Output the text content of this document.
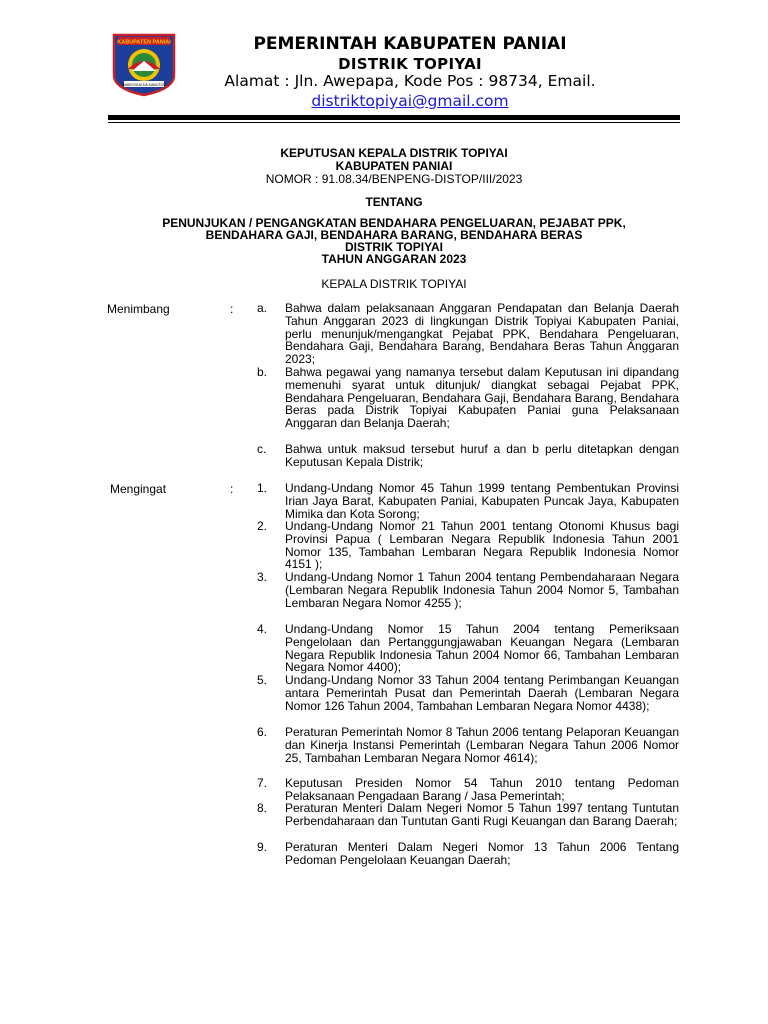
KABUPATEN PANIAI
AMBIYOKAI DA KABUTOU
PEMERINTAH KABUPATEN PANIAI
DISTRIK TOPIYAI
Alamat : Jln. Awepapa, Kode Pos : 98734, Email.
distriktopiyai@gmail.com
KEPUTUSAN KEPALA DISTRIK TOPIYAI
KABUPATEN PANIAI
NOMOR : 91.08.34/BENPENG-DISTOP/III/2023
TENTANG
PENUNJUKAN / PENGANGKATAN BENDAHARA PENGELUARAN, PEJABAT PPK,
BENDAHARA GAJI, BENDAHARA BARANG, BENDAHARA BERAS
DISTRIK TOPIYAI
TAHUN ANGGARAN 2023
KEPALA DISTRIK TOPIYAI
Menimbang	: a. Bahwa dalam pelaksanaan Anggaran Pendapatan dan Belanja Daerah Tahun Anggaran 2023 di lingkungan Distrik Topiyai Kabupaten Paniai, perlu menunjuk/mengangkat Pejabat PPK, Bendahara Pengeluaran, Bendahara Gaji, Bendahara Barang, Bendahara Beras Tahun Anggaran 2023;
b. Bahwa pegawai yang namanya tersebut dalam Keputusan ini dipandang memenuhi syarat untuk ditunjuk/ diangkat sebagai Pejabat PPK, Bendahara Pengeluaran, Bendahara Gaji, Bendahara Barang, Bendahara Beras pada Distrik Topiyai Kabupaten Paniai guna Pelaksanaan Anggaran dan Belanja Daerah;
c. Bahwa untuk maksud tersebut huruf a dan b perlu ditetapkan dengan Keputusan Kepala Distrik;
Mengingat	: 1. Undang-Undang Nomor 45 Tahun 1999 tentang Pembentukan Provinsi Irian Jaya Barat, Kabupaten Paniai, Kabupaten Puncak Jaya, Kabupaten Mimika dan Kota Sorong;
2. Undang-Undang Nomor 21 Tahun 2001 tentang Otonomi Khusus bagi Provinsi Papua ( Lembaran Negara Republik Indonesia Tahun 2001 Nomor 135, Tambahan Lembaran Negara Republik Indonesia Nomor 4151 );
3. Undang-Undang Nomor 1 Tahun 2004 tentang Pembendaharaan Negara (Lembaran Negara Republik Indonesia Tahun 2004 Nomor 5, Tambahan Lembaran Negara Nomor 4255 );
4. Undang-Undang Nomor 15 Tahun 2004 tentang Pemeriksaan Pengelolaan dan Pertanggungjawaban Keuangan Negara (Lembaran Negara Republik Indonesia Tahun 2004 Nomor 66, Tambahan Lembaran Negara Nomor 4400);
5. Undang-Undang Nomor 33 Tahun 2004 tentang Perimbangan Keuangan antara Pemerintah Pusat dan Pemerintah Daerah (Lembaran Negara Nomor 126 Tahun 2004, Tambahan Lembaran Negara Nomor 4438);
6. Peraturan Pemerintah Nomor 8 Tahun 2006 tentang Pelaporan Keuangan dan Kinerja Instansi Pemerintah (Lembaran Negara Tahun 2006 Nomor 25, Tambahan Lembaran Negara Nomor 4614);
7. Keputusan Presiden Nomor 54 Tahun 2010 tentang Pedoman Pelaksanaan Pengadaan Barang / Jasa Pemerintah;
8. Peraturan Menteri Dalam Negeri Nomor 5 Tahun 1997 tentang Tuntutan Perbendaharaan dan Tuntutan Ganti Rugi Keuangan dan Barang Daerah;
9. Peraturan Menteri Dalam Negeri Nomor 13 Tahun 2006 Tentang Pedoman Pengelolaan Keuangan Daerah;
